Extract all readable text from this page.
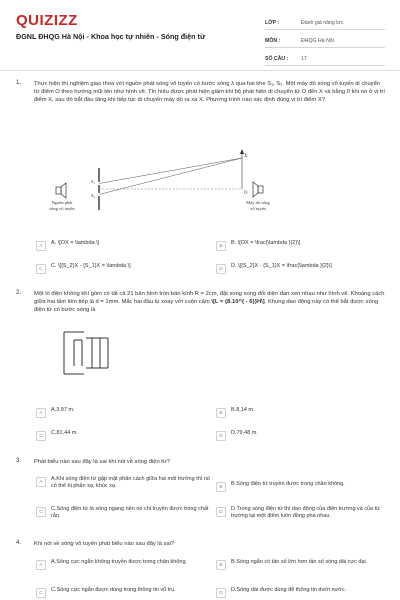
QUIZIZZ
ĐGNL ĐHQG Hà Nội - Khoa học tự nhiên - Sóng điện từ
LỚP :	Đánh giá năng lực
MÔN :	ĐHQG Hà Nội
SỐ CÂU :	17
1. Thực hiện thí nghiệm giao thoa với nguồn phát sóng vô tuyến có bước sóng λ qua hai khe S₁, S₂. Một máy dò sóng vô tuyến di chuyển từ điểm O theo hướng mũi tên như hình vẽ. Tín hiệu được phát hiện giảm khi bộ phát hiện di chuyển từ O đến X và bằng 0 khi nó ở vị trí điểm X, sau đó bắt đầu tăng khi tiếp tục di chuyển máy dò ra xa X. Phương trình nào xác định đúng vị trí điểm X?
S₁
S₂
X
O
Nguồn phát
sóng vô tuyến
Máy dò sóng
vô tuyến
A	A. \[OX = \lambda \]	B	B. \[OX = \frac{\lambda }{2}\]
C	C. \[{S_2}X - {S_1}X = \lambda \]	D	D. \[{S_2}X - {S_1}X = \frac{\lambda }{2}\]
2. Một lò điện không khí gồm có tất cả 21 bản hình tròn bán kính R = 2cm, đặt song song đối diện đan xen nhau như hình vẽ. Khoảng cách giữa hai tấm liên tiếp là d = 1mm. Mắc hai đầu tụ xoay với cuộn cảm \[L = {8.10^{ - 6}}H\]. Khung dao động này có thể bắt được sóng điện từ có bước sóng là
A	A.3,97 m.	B	B.8,14 m.
C	C.81,44 m.	D	D.79,48 m.
3. Phát biểu nào sau đây là sai khi nói về sóng điện từ?
A	A.Khi sóng điện từ gặp mặt phân cách giữa hai môi trường thì nó có thể bị phản xạ, khúc xạ.	B	B.Sóng điện từ truyền được trong chân không.
C	C.Sóng điện từ là sóng ngang nên nó chỉ truyền được trong chất rắn.
D	D.Trong sóng điện từ thì dao động của điện trường và của từ trường tại một điểm luôn đồng pha nhau.
4. Khi nói về sóng vô tuyến phát biểu nào sau đây là sai?
A	A.Sóng cực ngắn không truyền được trong chân không.	B	B.Sóng ngắn có tần số lớn hơn tần số sóng dài cực đại.
C	C.Sóng cực ngắn được dùng trong thông tin vũ trụ.	D	D.Sóng dài được dùng để thông tin dưới nước.
